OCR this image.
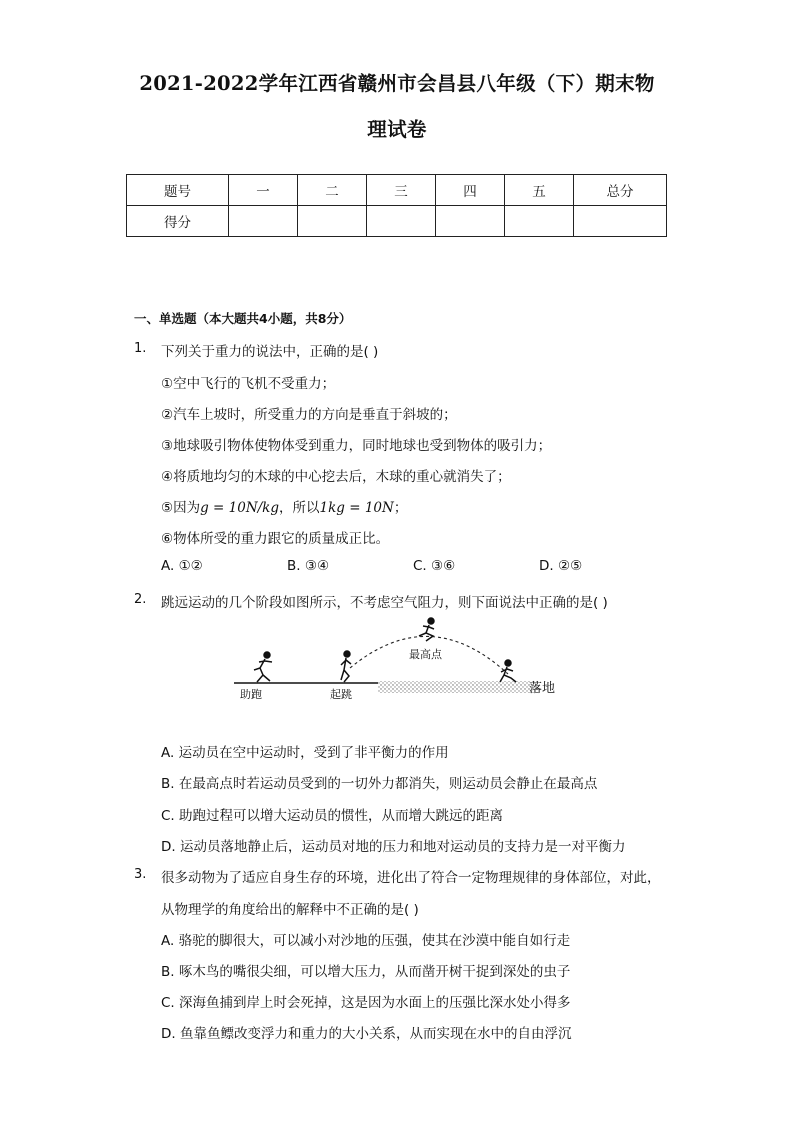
2021-2022学年江西省赣州市会昌县八年级（下）期末物
理试卷
题号	一	二	三	四	五	总分
得分						
一、单选题（本大题共4小题，共8分）
1. 下列关于重力的说法中，正确的是( )
①空中飞行的飞机不受重力；
②汽车上坡时，所受重力的方向是垂直于斜坡的；
③地球吸引物体使物体受到重力，同时地球也受到物体的吸引力；
④将质地均匀的木球的中心挖去后，木球的重心就消失了；
⑤因为g = 10N/kg，所以1kg = 10N；
⑥物体所受的重力跟它的质量成正比。
A. ①②	B. ③④	C. ③⑥	D. ②⑤
2. 跳远运动的几个阶段如图所示，不考虑空气阻力，则下面说法中正确的是( )
助跑	起跳
最高点
落地
A. 运动员在空中运动时，受到了非平衡力的作用
B. 在最高点时若运动员受到的一切外力都消失，则运动员会静止在最高点
C. 助跑过程可以增大运动员的惯性，从而增大跳远的距离
D. 运动员落地静止后，运动员对地的压力和地对运动员的支持力是一对平衡力
3. 很多动物为了适应自身生存的环境，进化出了符合一定物理规律的身体部位，对此，
从物理学的角度给出的解释中不正确的是( )
A. 骆驼的脚很大，可以减小对沙地的压强，使其在沙漠中能自如行走
B. 啄木鸟的嘴很尖细，可以增大压力，从而凿开树干捉到深处的虫子
C. 深海鱼捕到岸上时会死掉，这是因为水面上的压强比深水处小得多
D. 鱼靠鱼鳔改变浮力和重力的大小关系，从而实现在水中的自由浮沉
